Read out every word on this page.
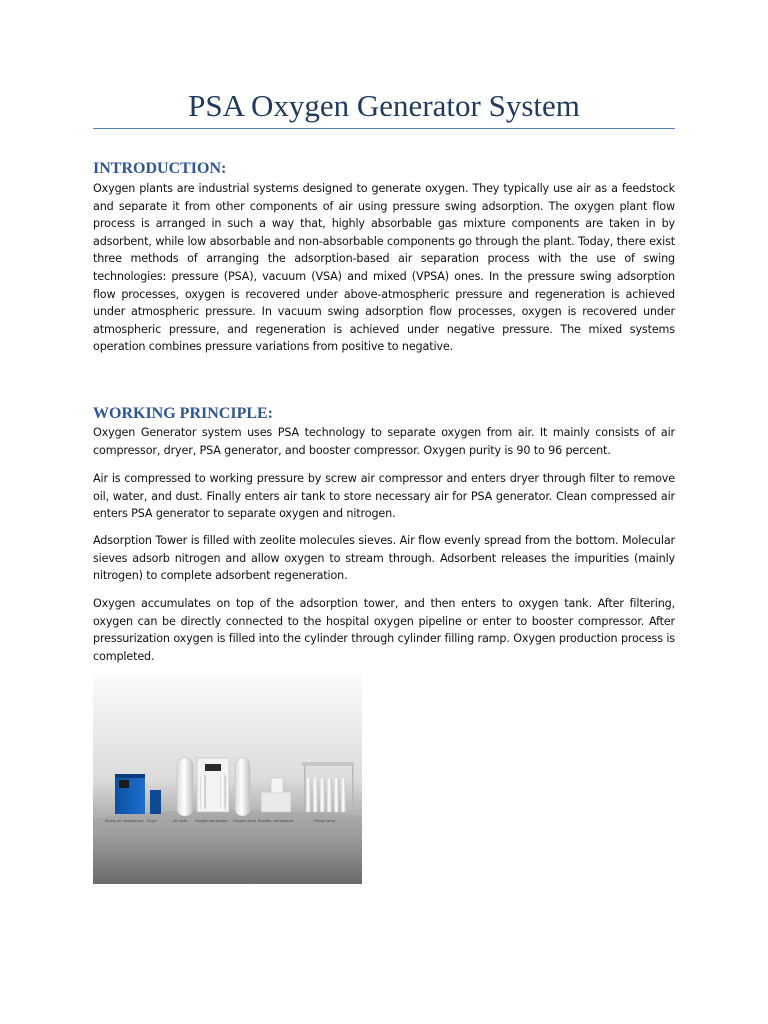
PSA Oxygen Generator System
INTRODUCTION:

Oxygen plants are industrial systems designed to generate oxygen. They typically use air as a feedstock and separate it from other components of air using pressure swing adsorption. The oxygen plant flow process is arranged in such a way that, highly absorbable gas mixture components are taken in by adsorbent, while low absorbable and non-absorbable components go through the plant. Today, there exist three methods of arranging the adsorption-based air separation process with the use of swing technologies: pressure (PSA), vacuum (VSA) and mixed (VPSA) ones. In the pressure swing adsorption flow processes, oxygen is recovered under above-atmospheric pressure and regeneration is achieved under atmospheric pressure. In vacuum swing adsorption flow processes, oxygen is recovered under atmospheric pressure, and regeneration is achieved under negative pressure. The mixed systems operation combines pressure variations from positive to negative.

WORKING PRINCIPLE:

Oxygen Generator system uses PSA technology to separate oxygen from air. It mainly consists of air compressor, dryer, PSA generator, and booster compressor. Oxygen purity is 90 to 96 percent.

Air is compressed to working pressure by screw air compressor and enters dryer through filter to remove oil, water, and dust. Finally enters air tank to store necessary air for PSA generator. Clean compressed air enters PSA generator to separate oxygen and nitrogen.

Adsorption Tower is filled with zeolite molecules sieves. Air flow evenly spread from the bottom. Molecular sieves adsorb nitrogen and allow oxygen to stream through. Adsorbent releases the impurities (mainly nitrogen) to complete adsorbent regeneration.

Oxygen accumulates on top of the adsorption tower, and then enters to oxygen tank. After filtering, oxygen can be directly connected to the hospital oxygen pipeline or enter to booster compressor. After pressurization oxygen is filled into the cylinder through cylinder filling ramp. Oxygen production process is completed.

Screw air compressor Dryer	Air tank Oxygen generator Oxygen tank Booster compressor	Filling ramp
